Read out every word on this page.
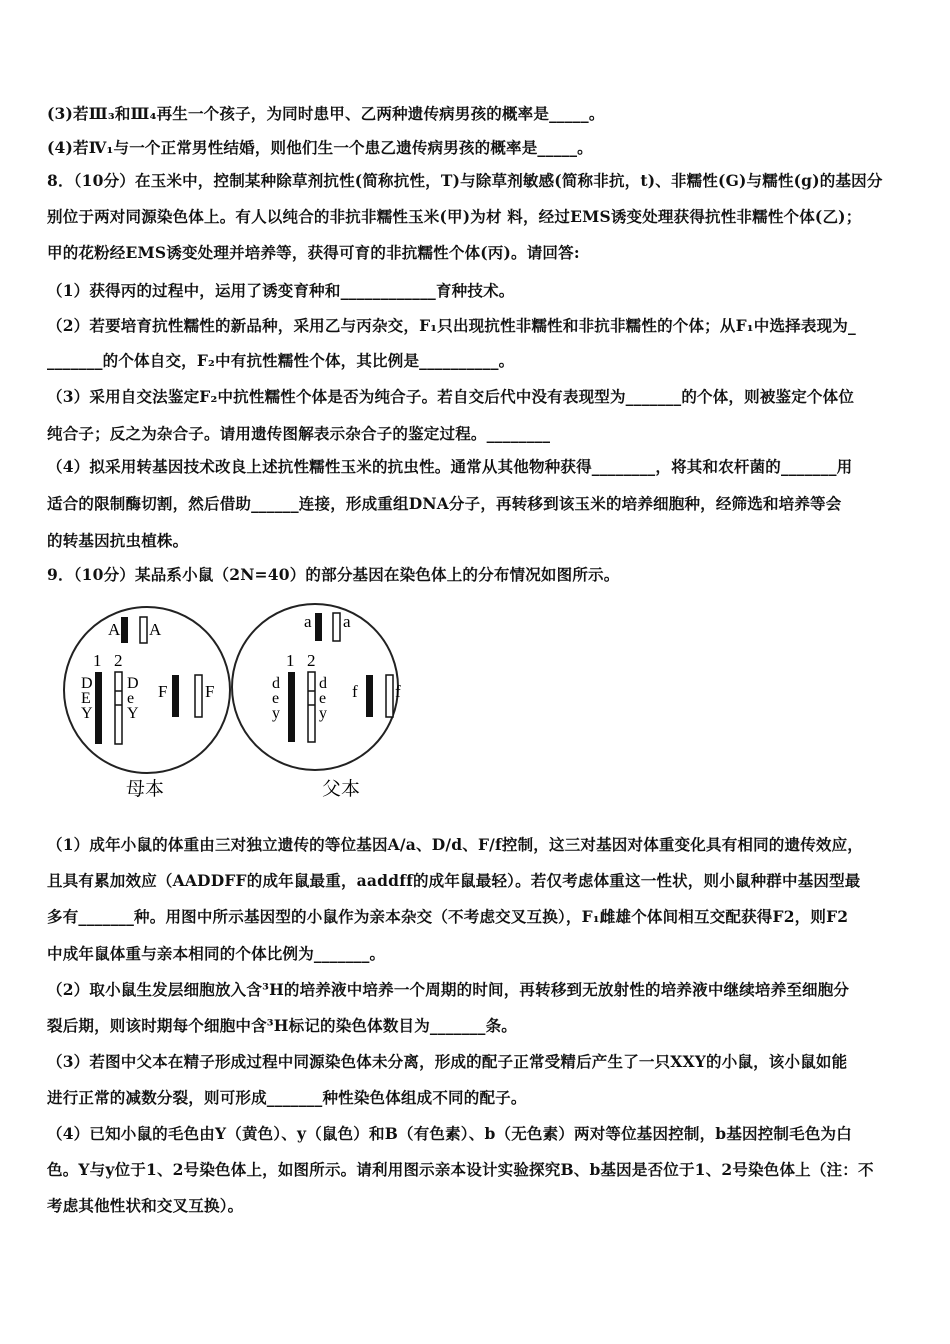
(3)若Ⅲ₃和Ⅲ₄再生一个孩子，为同时患甲、乙两种遗传病男孩的概率是_____。
(4)若Ⅳ₁与一个正常男性结婚，则他们生一个患乙遗传病男孩的概率是_____。
8．（10分）在玉米中，控制某种除草剂抗性(简称抗性，T)与除草剂敏感(简称非抗，t)、非糯性(G)与糯性(g)的基因分
别位于两对同源染色体上。有人以纯合的非抗非糯性玉米(甲)为材 料，经过EMS诱变处理获得抗性非糯性个体(乙)；
甲的花粉经EMS诱变处理并培养等，获得可育的非抗糯性个体(丙)。请回答:
（1）获得丙的过程中，运用了诱变育种和____________育种技术。
（2）若要培育抗性糯性的新品种，采用乙与丙杂交，F₁只出现抗性非糯性和非抗非糯性的个体；从F₁中选择表现为_
_______的个体自交，F₂中有抗性糯性个体，其比例是__________。
（3）采用自交法鉴定F₂中抗性糯性个体是否为纯合子。若自交后代中没有表现型为_______的个体，则被鉴定个体位
纯合子；反之为杂合子。请用遗传图解表示杂合子的鉴定过程。________
（4）拟采用转基因技术改良上述抗性糯性玉米的抗虫性。通常从其他物种获得________，将其和农杆菌的_______用
适合的限制酶切割，然后借助______连接，形成重组DNA分子，再转移到该玉米的培养细胞种，经筛选和培养等会
的转基因抗虫植株。
9．（10分）某品系小鼠（2N=40）的部分基因在染色体上的分布情况如图所示。
A A
1 2
D
E
Y
D
e
Y
F F
a a
1 2
d
e
y
d
e
y
f f
母本	父本
（1）成年小鼠的体重由三对独立遗传的等位基因A/a、D/d、F/f控制，这三对基因对体重变化具有相同的遗传效应，
且具有累加效应（AADDFF的成年鼠最重，aaddff的成年鼠最轻）。若仅考虑体重这一性状，则小鼠种群中基因型最
多有_______种。用图中所示基因型的小鼠作为亲本杂交（不考虑交叉互换），F₁雌雄个体间相互交配获得F2，则F2
中成年鼠体重与亲本相同的个体比例为_______。
（2）取小鼠生发层细胞放入含³H的培养液中培养一个周期的时间，再转移到无放射性的培养液中继续培养至细胞分
裂后期，则该时期每个细胞中含³H标记的染色体数目为_______条。
（3）若图中父本在精子形成过程中同源染色体未分离，形成的配子正常受精后产生了一只XXY的小鼠，该小鼠如能
进行正常的减数分裂，则可形成_______种性染色体组成不同的配子。
（4）已知小鼠的毛色由Y（黄色）、y（鼠色）和B（有色素）、b（无色素）两对等位基因控制，b基因控制毛色为白
色。Y与y位于1、2号染色体上，如图所示。请利用图示亲本设计实验探究B、b基因是否位于1、2号染色体上（注：不
考虑其他性状和交叉互换）。
